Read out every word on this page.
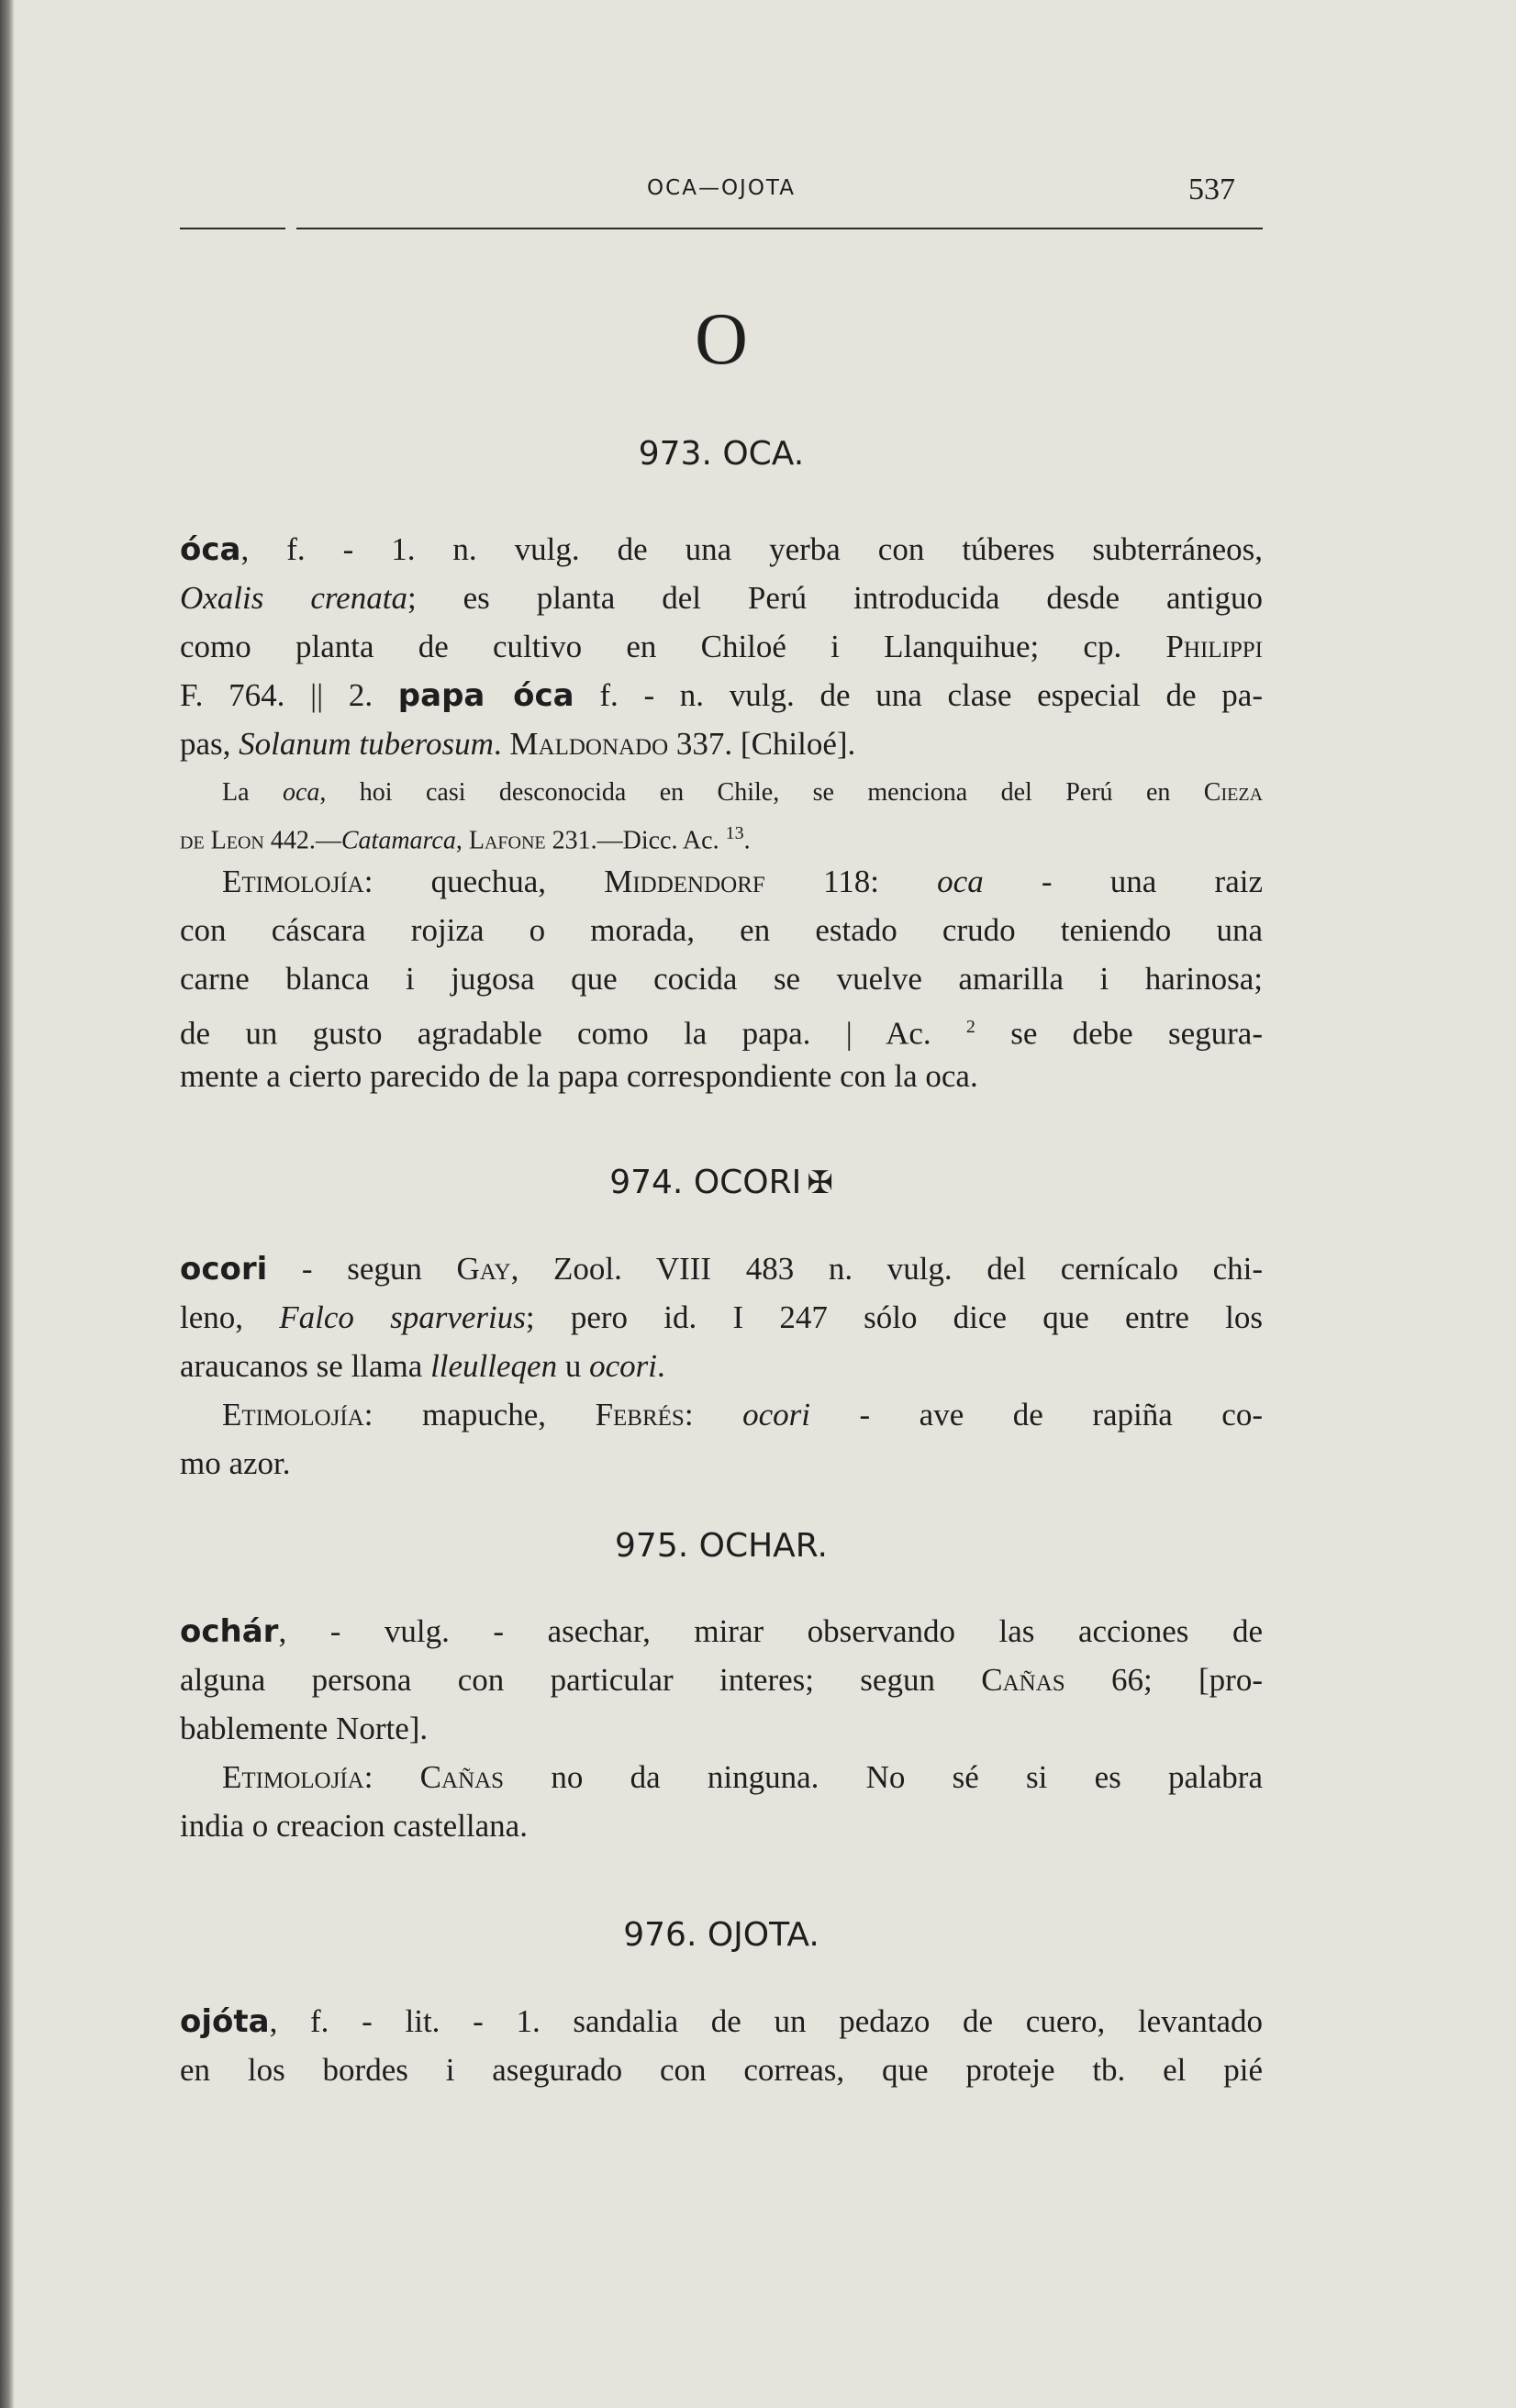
OCA—OJOTA	537
O
973. OCA.

óca, f. - 1. n. vulg. de una yerba con túberes subterráneos,

Oxalis crenata; es planta del Perú introducida desde antiguo

como planta de cultivo en Chiloé i Llanquihue; cp. Philippi

F. 764. || 2. papa óca f. - n. vulg. de una clase especial de pa-

pas, Solanum tuberosum. Maldonado 337. [Chiloé].

La oca, hoi casi desconocida en Chile, se menciona del Perú en Cieza

de Leon 442.—Catamarca, Lafone 231.—Dicc. Ac. $^{13}$.

Etimolojía: quechua, Middendorf 118: oca - una raiz

con cáscara rojiza o morada, en estado crudo teniendo una

carne blanca i jugosa que cocida se vuelve amarilla i harinosa;

de un gusto agradable como la papa. | Ac. $^2$ se debe segura-

mente a cierto parecido de la papa correspondiente con la oca.

974. OCORI ✠

ocori - segun Gay, Zool. VIII 483 n. vulg. del cernícalo chi-

leno, Falco sparverius; pero id. I 247 sólo dice que entre los

araucanos se llama lleulleqen u ocori.

Etimolojía: mapuche, Febrés: ocori - ave de rapiña co-

mo azor.

975. OCHAR.

ochár, - vulg. - asechar, mirar observando las acciones de

alguna persona con particular interes; segun Cañas 66; [pro-

bablemente Norte].

Etimolojía: Cañas no da ninguna. No sé si es palabra

india o creacion castellana.

976. OJOTA.

ojóta, f. - lit. - 1. sandalia de un pedazo de cuero, levantado

en los bordes i asegurado con correas, que proteje tb. el pié
